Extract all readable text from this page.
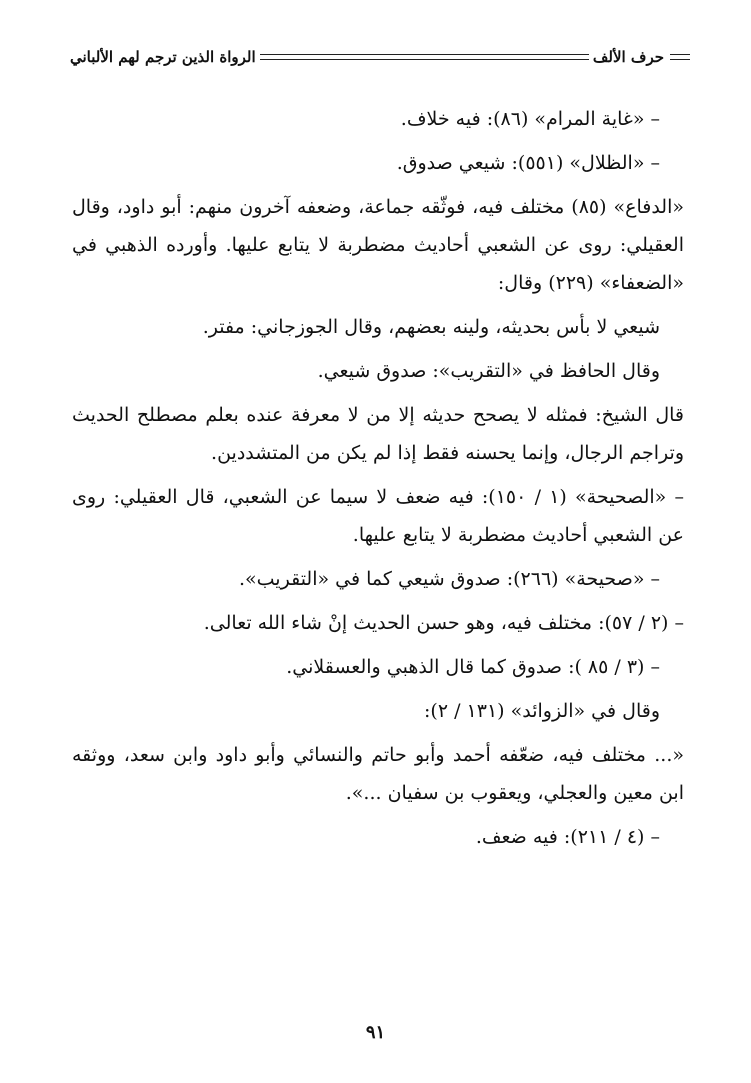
حرف الألف
الرواة الذين ترجم لهم الألباني

– «غاية المرام» (٨٦): فيه خلاف.

– «الظلال» (٥٥١): شيعي صدوق.

«الدفاع» (٨٥) مختلف فيه، فوثّقه جماعة، وضعفه آخرون منهم: أبو داود، وقال العقيلي: روى عن الشعبي أحاديث مضطربة لا يتابع عليها. وأورده الذهبي في «الضعفاء» (٢٢٩) وقال:

شيعي لا بأس بحديثه، ولينه بعضهم، وقال الجوزجاني: مفتر.

وقال الحافظ في «التقريب»: صدوق شيعي.

قال الشيخ: فمثله لا يصحح حديثه إلا من لا معرفة عنده بعلم مصطلح الحديث وتراجم الرجال، وإنما يحسنه فقط إذا لم يكن من المتشددين.

– «الصحيحة» (١ / ١٥٠): فيه ضعف لا سيما عن الشعبي، قال العقيلي: روى عن الشعبي أحاديث مضطربة لا يتابع عليها.

– «صحيحة» (٢٦٦): صدوق شيعي كما في «التقريب».

– (٢ / ٥٧): مختلف فيه، وهو حسن الحديث إنْ شاء الله تعالى.

– (٣ / ٨٥ ): صدوق كما قال الذهبي والعسقلاني.

وقال في «الزوائد» (١٣١ / ٢):

«... مختلف فيه، ضعّفه أحمد وأبو حاتم والنسائي وأبو داود وابن سعد، ووثقه ابن معين والعجلي، ويعقوب بن سفيان ...».

– (٤ / ٢١١): فيه ضعف.

٩١
